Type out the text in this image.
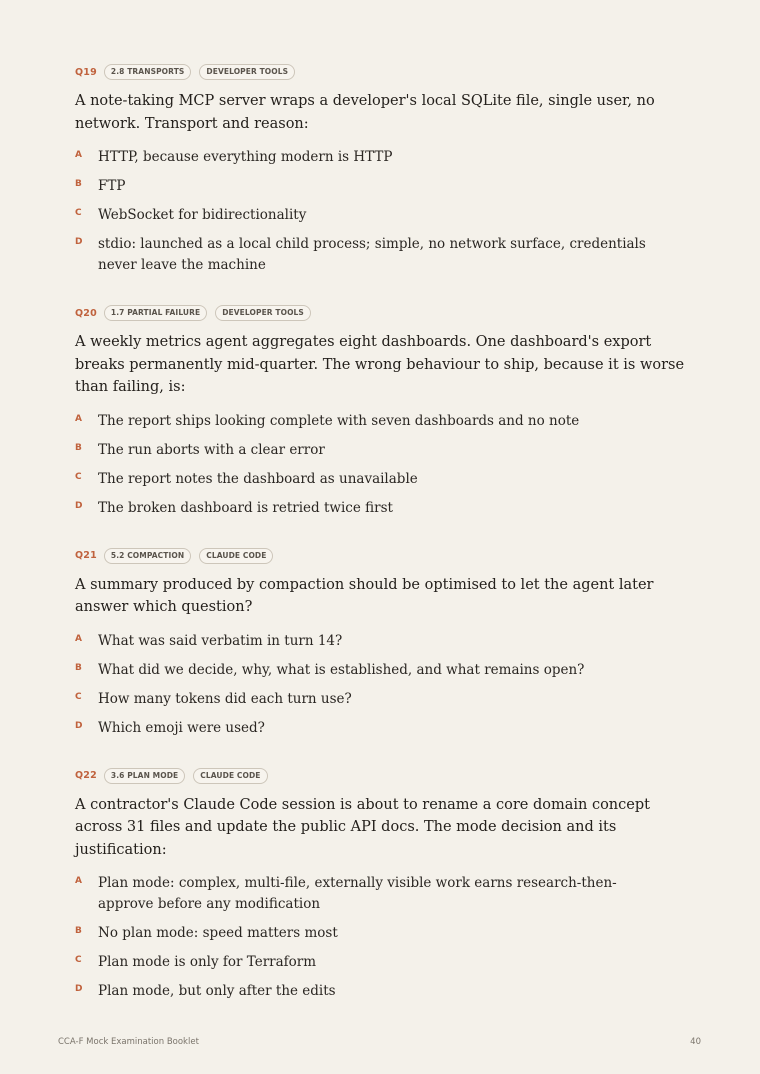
Q19	2.8 TRANSPORTS	DEVELOPER TOOLS

A note-taking MCP server wraps a developer's local SQLite file, single user, no network. Transport and reason:

A	HTTP, because everything modern is HTTP
B	FTP
C	WebSocket for bidirectionality
D	stdio: launched as a local child process; simple, no network surface, credentials never leave the machine
Q20	1.7 PARTIAL FAILURE	DEVELOPER TOOLS

A weekly metrics agent aggregates eight dashboards. One dashboard's export breaks permanently mid-quarter. The wrong behaviour to ship, because it is worse than failing, is:

A	The report ships looking complete with seven dashboards and no note
B	The run aborts with a clear error
C	The report notes the dashboard as unavailable
D	The broken dashboard is retried twice first
Q21	5.2 COMPACTION	CLAUDE CODE

A summary produced by compaction should be optimised to let the agent later answer which question?

A	What was said verbatim in turn 14?
B	What did we decide, why, what is established, and what remains open?
C	How many tokens did each turn use?
D	Which emoji were used?
Q22	3.6 PLAN MODE	CLAUDE CODE

A contractor's Claude Code session is about to rename a core domain concept across 31 files and update the public API docs. The mode decision and its justification:

A	Plan mode: complex, multi-file, externally visible work earns research-then-approve before any modification
B	No plan mode: speed matters most
C	Plan mode is only for Terraform
D	Plan mode, but only after the edits
CCA-F Mock Examination Booklet	40
